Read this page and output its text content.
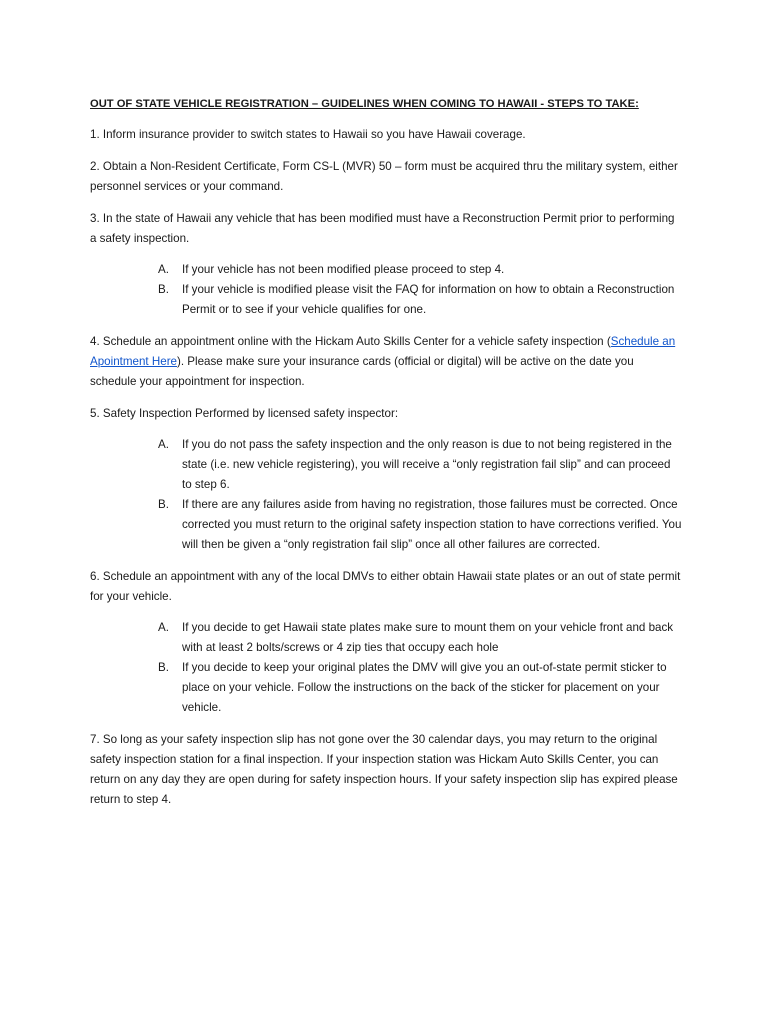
OUT OF STATE VEHICLE REGISTRATION – GUIDELINES WHEN COMING TO HAWAII - STEPS TO TAKE:

1. Inform insurance provider to switch states to Hawaii so you have Hawaii coverage.

2. Obtain a Non-Resident Certificate, Form CS-L (MVR) 50 – form must be acquired thru the military system, either personnel services or your command.

3. In the state of Hawaii any vehicle that has been modified must have a Reconstruction Permit prior to performing a safety inspection.

A. If your vehicle has not been modified please proceed to step 4.
B. If your vehicle is modified please visit the FAQ for information on how to obtain a Reconstruction Permit or to see if your vehicle qualifies for one.

4. Schedule an appointment online with the Hickam Auto Skills Center for a vehicle safety inspection (Schedule an Apointment Here). Please make sure your insurance cards (official or digital) will be active on the date you schedule your appointment for inspection.

5. Safety Inspection Performed by licensed safety inspector:

A. If you do not pass the safety inspection and the only reason is due to not being registered in the state (i.e. new vehicle registering), you will receive a “only registration fail slip” and can proceed to step 6.
B. If there are any failures aside from having no registration, those failures must be corrected. Once corrected you must return to the original safety inspection station to have corrections verified. You will then be given a “only registration fail slip” once all other failures are corrected.

6. Schedule an appointment with any of the local DMVs to either obtain Hawaii state plates or an out of state permit for your vehicle.

A. If you decide to get Hawaii state plates make sure to mount them on your vehicle front and back with at least 2 bolts/screws or 4 zip ties that occupy each hole
B. If you decide to keep your original plates the DMV will give you an out-of-state permit sticker to place on your vehicle. Follow the instructions on the back of the sticker for placement on your vehicle.

7. So long as your safety inspection slip has not gone over the 30 calendar days, you may return to the original safety inspection station for a final inspection. If your inspection station was Hickam Auto Skills Center, you can return on any day they are open during for safety inspection hours. If your safety inspection slip has expired please return to step 4.
